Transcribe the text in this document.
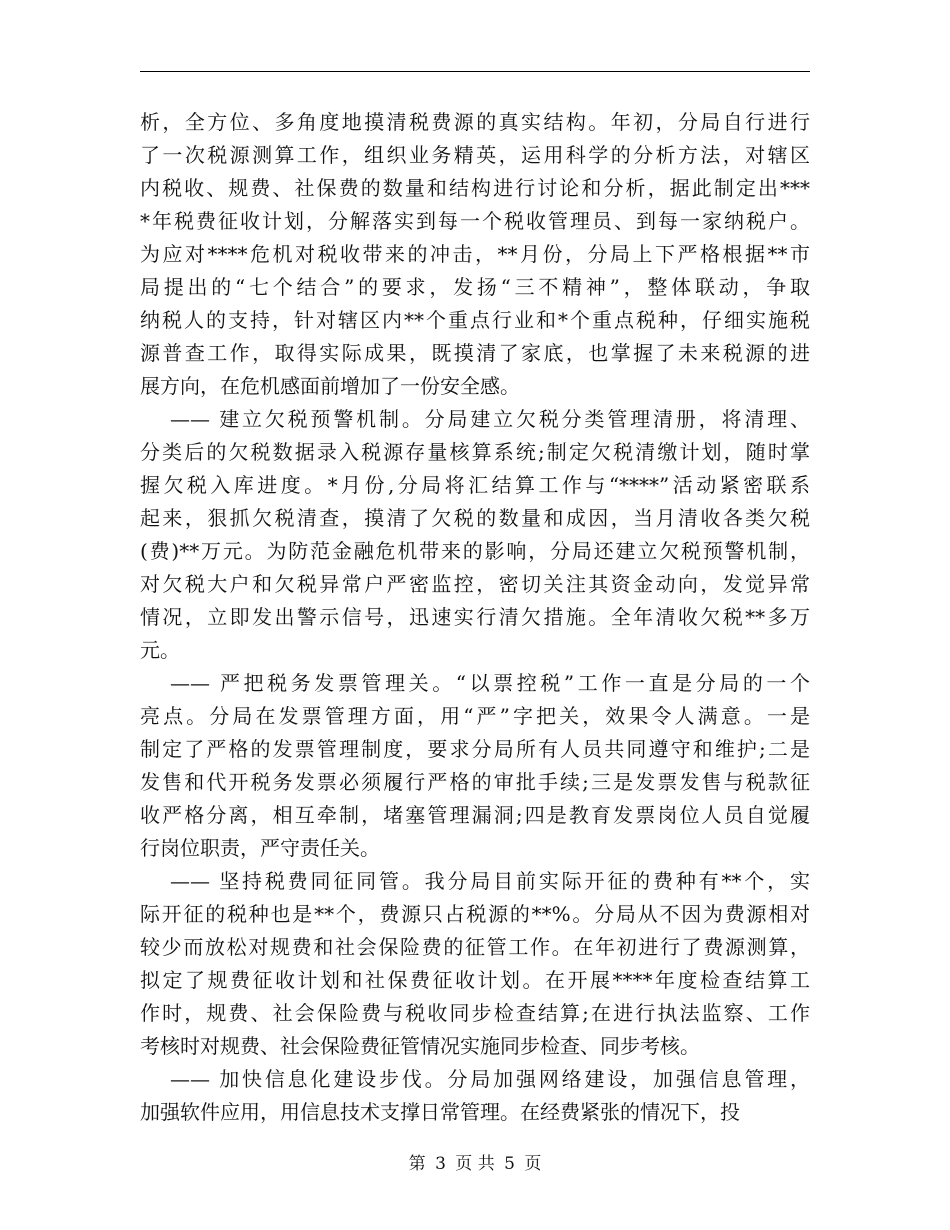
析，全方位、多角度地摸清税费源的真实结构。年初，分局自行进行
了一次税源测算工作，组织业务精英，运用科学的分析方法，对辖区
内税收、规费、社保费的数量和结构进行讨论和分析，据此制定出***
*年税费征收计划，分解落实到每一个税收管理员、到每一家纳税户。
为应对****危机对税收带来的冲击，**月份，分局上下严格根据**市
局提出的“七个结合”的要求，发扬“三不精神”，整体联动，争取
纳税人的支持，针对辖区内**个重点行业和*个重点税种，仔细实施税
源普查工作，取得实际成果，既摸清了家底，也掌握了未来税源的进
展方向，在危机感面前增加了一份安全感。
—— 建立欠税预警机制。分局建立欠税分类管理清册，将清理、
分类后的欠税数据录入税源存量核算系统;制定欠税清缴计划，随时掌
握欠税入库进度。*月份,分局将汇结算工作与“****”活动紧密联系
起来，狠抓欠税清查，摸清了欠税的数量和成因，当月清收各类欠税
(费)**万元。为防范金融危机带来的影响，分局还建立欠税预警机制，
对欠税大户和欠税异常户严密监控，密切关注其资金动向，发觉异常
情况，立即发出警示信号，迅速实行清欠措施。全年清收欠税**多万
元。
—— 严把税务发票管理关。“以票控税”工作一直是分局的一个
亮点。分局在发票管理方面，用“严”字把关，效果令人满意。一是
制定了严格的发票管理制度，要求分局所有人员共同遵守和维护;二是
发售和代开税务发票必须履行严格的审批手续;三是发票发售与税款征
收严格分离，相互牵制，堵塞管理漏洞;四是教育发票岗位人员自觉履
行岗位职责，严守责任关。
—— 坚持税费同征同管。我分局目前实际开征的费种有**个，实
际开征的税种也是**个，费源只占税源的**%。分局从不因为费源相对
较少而放松对规费和社会保险费的征管工作。在年初进行了费源测算，
拟定了规费征收计划和社保费征收计划。在开展****年度检查结算工
作时，规费、社会保险费与税收同步检查结算;在进行执法监察、工作
考核时对规费、社会保险费征管情况实施同步检查、同步考核。
—— 加快信息化建设步伐。分局加强网络建设，加强信息管理，
加强软件应用，用信息技术支撑日常管理。在经费紧张的情况下，投
第 3 页 共 5 页
